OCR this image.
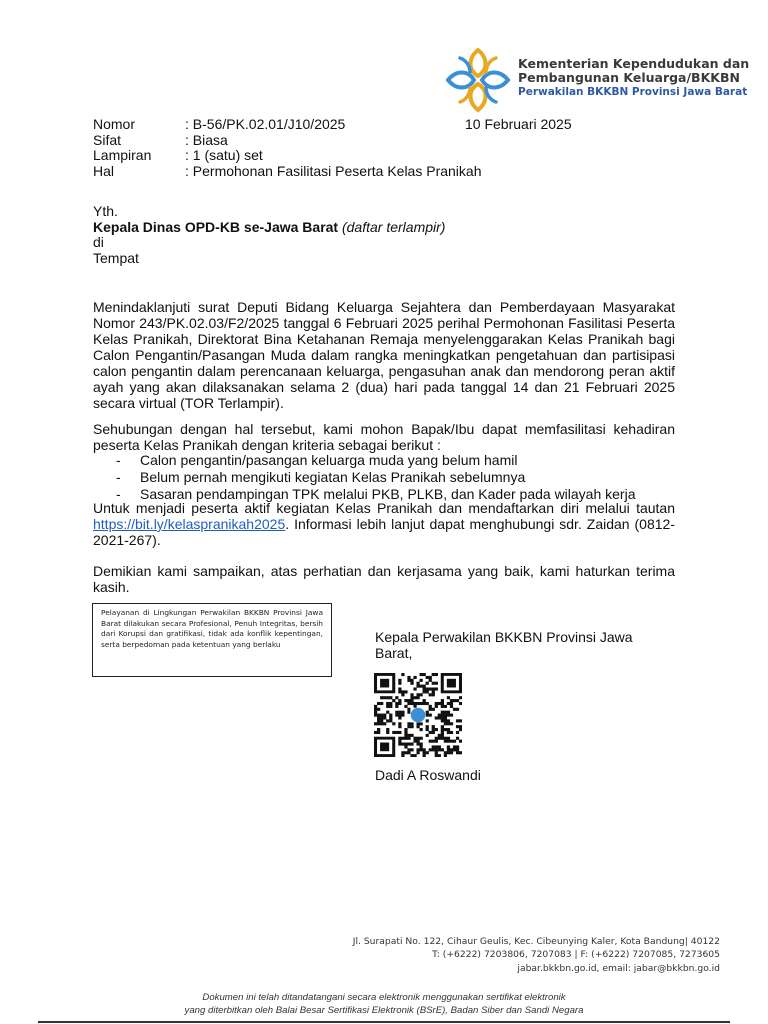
Kementerian Kependudukan dan
Pembangunan Keluarga/BKKBN
Perwakilan BKKBN Provinsi Jawa Barat
Nomor	: B-56/PK.02.01/J10/2025
Sifat	: Biasa
Lampiran	: 1 (satu) set
Hal	: Permohonan Fasilitasi Peserta Kelas Pranikah
10 Februari 2025
Yth.
Kepala Dinas OPD-KB se-Jawa Barat (daftar terlampir)
di
Tempat
Menindaklanjuti surat Deputi Bidang Keluarga Sejahtera dan Pemberdayaan Masyarakat Nomor 243/PK.02.03/F2/2025 tanggal 6 Februari 2025 perihal Permohonan Fasilitasi Peserta Kelas Pranikah, Direktorat Bina Ketahanan Remaja menyelenggarakan Kelas Pranikah bagi Calon Pengantin/Pasangan Muda dalam rangka meningkatkan pengetahuan dan partisipasi calon pengantin dalam perencanaan keluarga, pengasuhan anak dan mendorong peran aktif ayah yang akan dilaksanakan selama 2 (dua) hari pada tanggal 14 dan 21 Februari 2025 secara virtual (TOR Terlampir).
Sehubungan dengan hal tersebut, kami mohon Bapak/Ibu dapat memfasilitasi kehadiran peserta Kelas Pranikah dengan kriteria sebagai berikut :
-	Calon pengantin/pasangan keluarga muda yang belum hamil
-	Belum pernah mengikuti kegiatan Kelas Pranikah sebelumnya
-	Sasaran pendampingan TPK melalui PKB, PLKB, dan Kader pada wilayah kerja
Untuk menjadi peserta aktif kegiatan Kelas Pranikah dan mendaftarkan diri melalui tautan https://bit.ly/kelaspranikah2025. Informasi lebih lanjut dapat menghubungi sdr. Zaidan (0812- 2021-267).
Demikian kami sampaikan, atas perhatian dan kerjasama yang baik, kami haturkan terima kasih.
Pelayanan di Lingkungan Perwakilan BKKBN Provinsi Jawa Barat dilakukan secara Profesional, Penuh Integritas, bersih dari Korupsi dan gratifikasi, tidak ada konflik kepentingan, serta berpedoman pada ketentuan yang berlaku	Kepala Perwakilan BKKBN Provinsi Jawa Barat,
Dadi A Roswandi
Jl. Surapati No. 122, Cihaur Geulis, Kec. Cibeunying Kaler, Kota Bandung| 40122
T: (+6222) 7203806, 7207083 | F: (+6222) 7207085, 7273605
jabar.bkkbn.go.id, email: jabar@bkkbn.go.id
Dokumen ini telah ditandatangani secara elektronik menggunakan sertifikat elektronik
yang diterbitkan oleh Balai Besar Sertifikasi Elektronik (BSrE), Badan Siber dan Sandi Negara
